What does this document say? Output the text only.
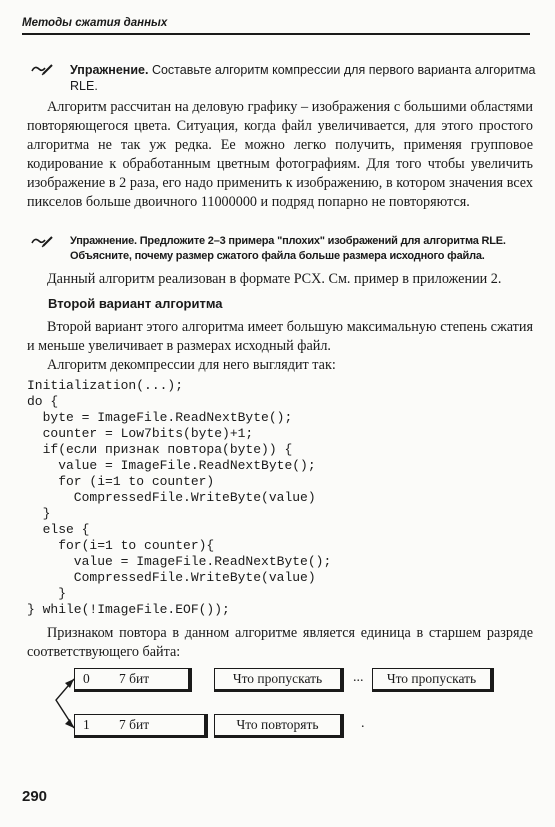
Методы сжатия данных
Упражнение. Составьте алгоритм компрессии для первого варианта алгоритма RLE.

Алгоритм рассчитан на деловую графику – изображения с большими областями повторяющегося цвета. Ситуация, когда файл увеличивается, для этого простого алгоритма не так уж редка. Ее можно легко получить, применяя групповое кодирование к обработанным цветным фотографиям. Для того чтобы увеличить изображение в 2 раза, его надо применить к изображению, в котором значения всех пикселов больше двоичного 11000000 и подряд попарно не повторяются.

Упражнение. Предложите 2–3 примера "плохих" изображений для алгоритма RLE. Объясните, почему размер сжатого файла больше размера исходного файла.

Данный алгоритм реализован в формате PCX. См. пример в приложении 2.

Второй вариант алгоритма

Второй вариант этого алгоритма имеет большую максимальную степень сжатия и меньше увеличивает в размерах исходный файл.

Алгоритм декомпрессии для него выглядит так:

Initialization(...);
do {
byte = ImageFile.ReadNextByte();
counter = Low7bits(byte)+1;
if(если признак повтора(byte)) {
value = ImageFile.ReadNextByte();
for (i=1 to counter)
CompressedFile.WriteByte(value)
}
else {
for(i=1 to counter){
value = ImageFile.ReadNextByte();
CompressedFile.WriteByte(value)
}
} while(!ImageFile.EOF());

Признаком повтора в данном алгоритме является единица в старшем разряде соответствующего байта:

0 7 бит	Что пропускать	...	Что пропускать
1 7 бит	Что повторять	.
290
